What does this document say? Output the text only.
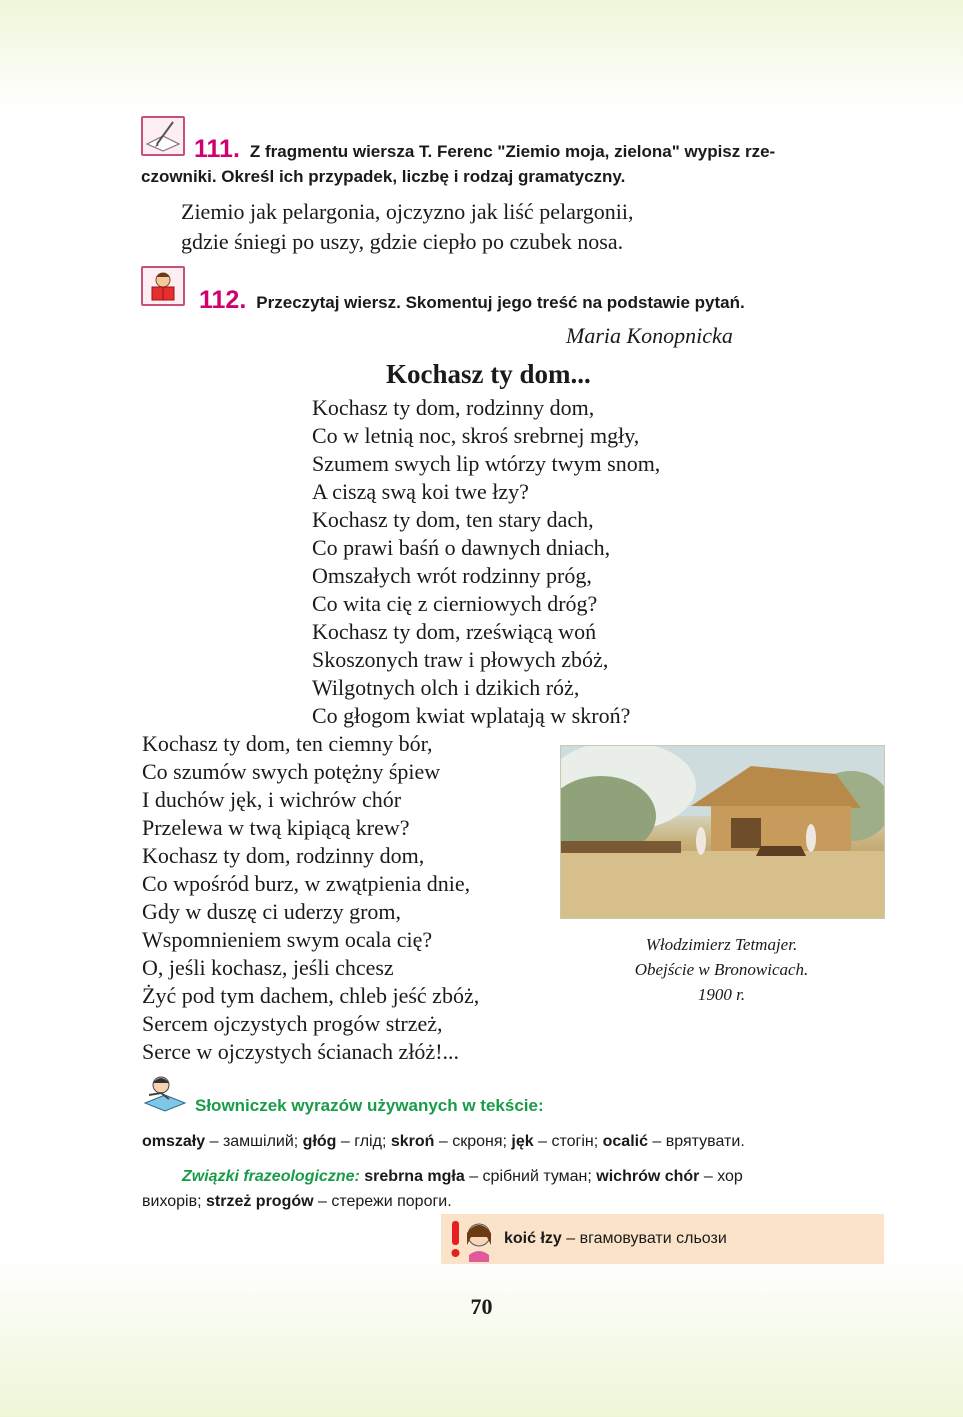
111. Z fragmentu wiersza T. Ferenc "Ziemio moja, zielona" wypisz rze-
czowniki. Określ ich przypadek, liczbę i rodzaj gramatyczny.
Ziemio jak pelargonia, ojczyzno jak liść pelargonii,
gdzie śniegi po uszy, gdzie ciepło po czubek nosa.
112. Przeczytaj wiersz. Skomentuj jego treść na podstawie pytań.
Maria Konopnicka
Kochasz ty dom...
Kochasz ty dom, rodzinny dom,
Co w letnią noc, skroś srebrnej mgły,
Szumem swych lip wtórzy twym snom,
A ciszą swą koi twe łzy?
Kochasz ty dom, ten stary dach,
Co prawi baśń o dawnych dniach,
Omszałych wrót rodzinny próg,
Co wita cię z cierniowych dróg?
Kochasz ty dom, rzeświącą woń
Skoszonych traw i płowych zbóż,
Wilgotnych olch i dzikich róż,
Co głogom kwiat wplatają w skroń?
Kochasz ty dom, ten ciemny bór,
Co szumów swych potężny śpiew
I duchów jęk, i wichrów chór
Przelewa w twą kipiącą krew?
Kochasz ty dom, rodzinny dom,
Co wpośród burz, w zwątpienia dnie,
Gdy w duszę ci uderzy grom,
Wspomnieniem swym ocala cię?
O, jeśli kochasz, jeśli chcesz
Żyć pod tym dachem, chleb jeść zbóż,
Sercem ojczystych progów strzeż,
Serce w ojczystych ścianach złóż!...
Włodzimierz Tetmajer.
Obejście w Bronowicach.
1900 r.
Słowniczek wyrazów używanych w tekście:
omszały – замшілий; głóg – глід; skroń – скроня; jęk – стогін; ocalić – врятувати.
Związki frazeologiczne: srebrna mgła – срібний туман; wichrów chór – хор
вихорів; strzeż progów – стережи пороги.
koić łzy – вгамовувати сльози
70
